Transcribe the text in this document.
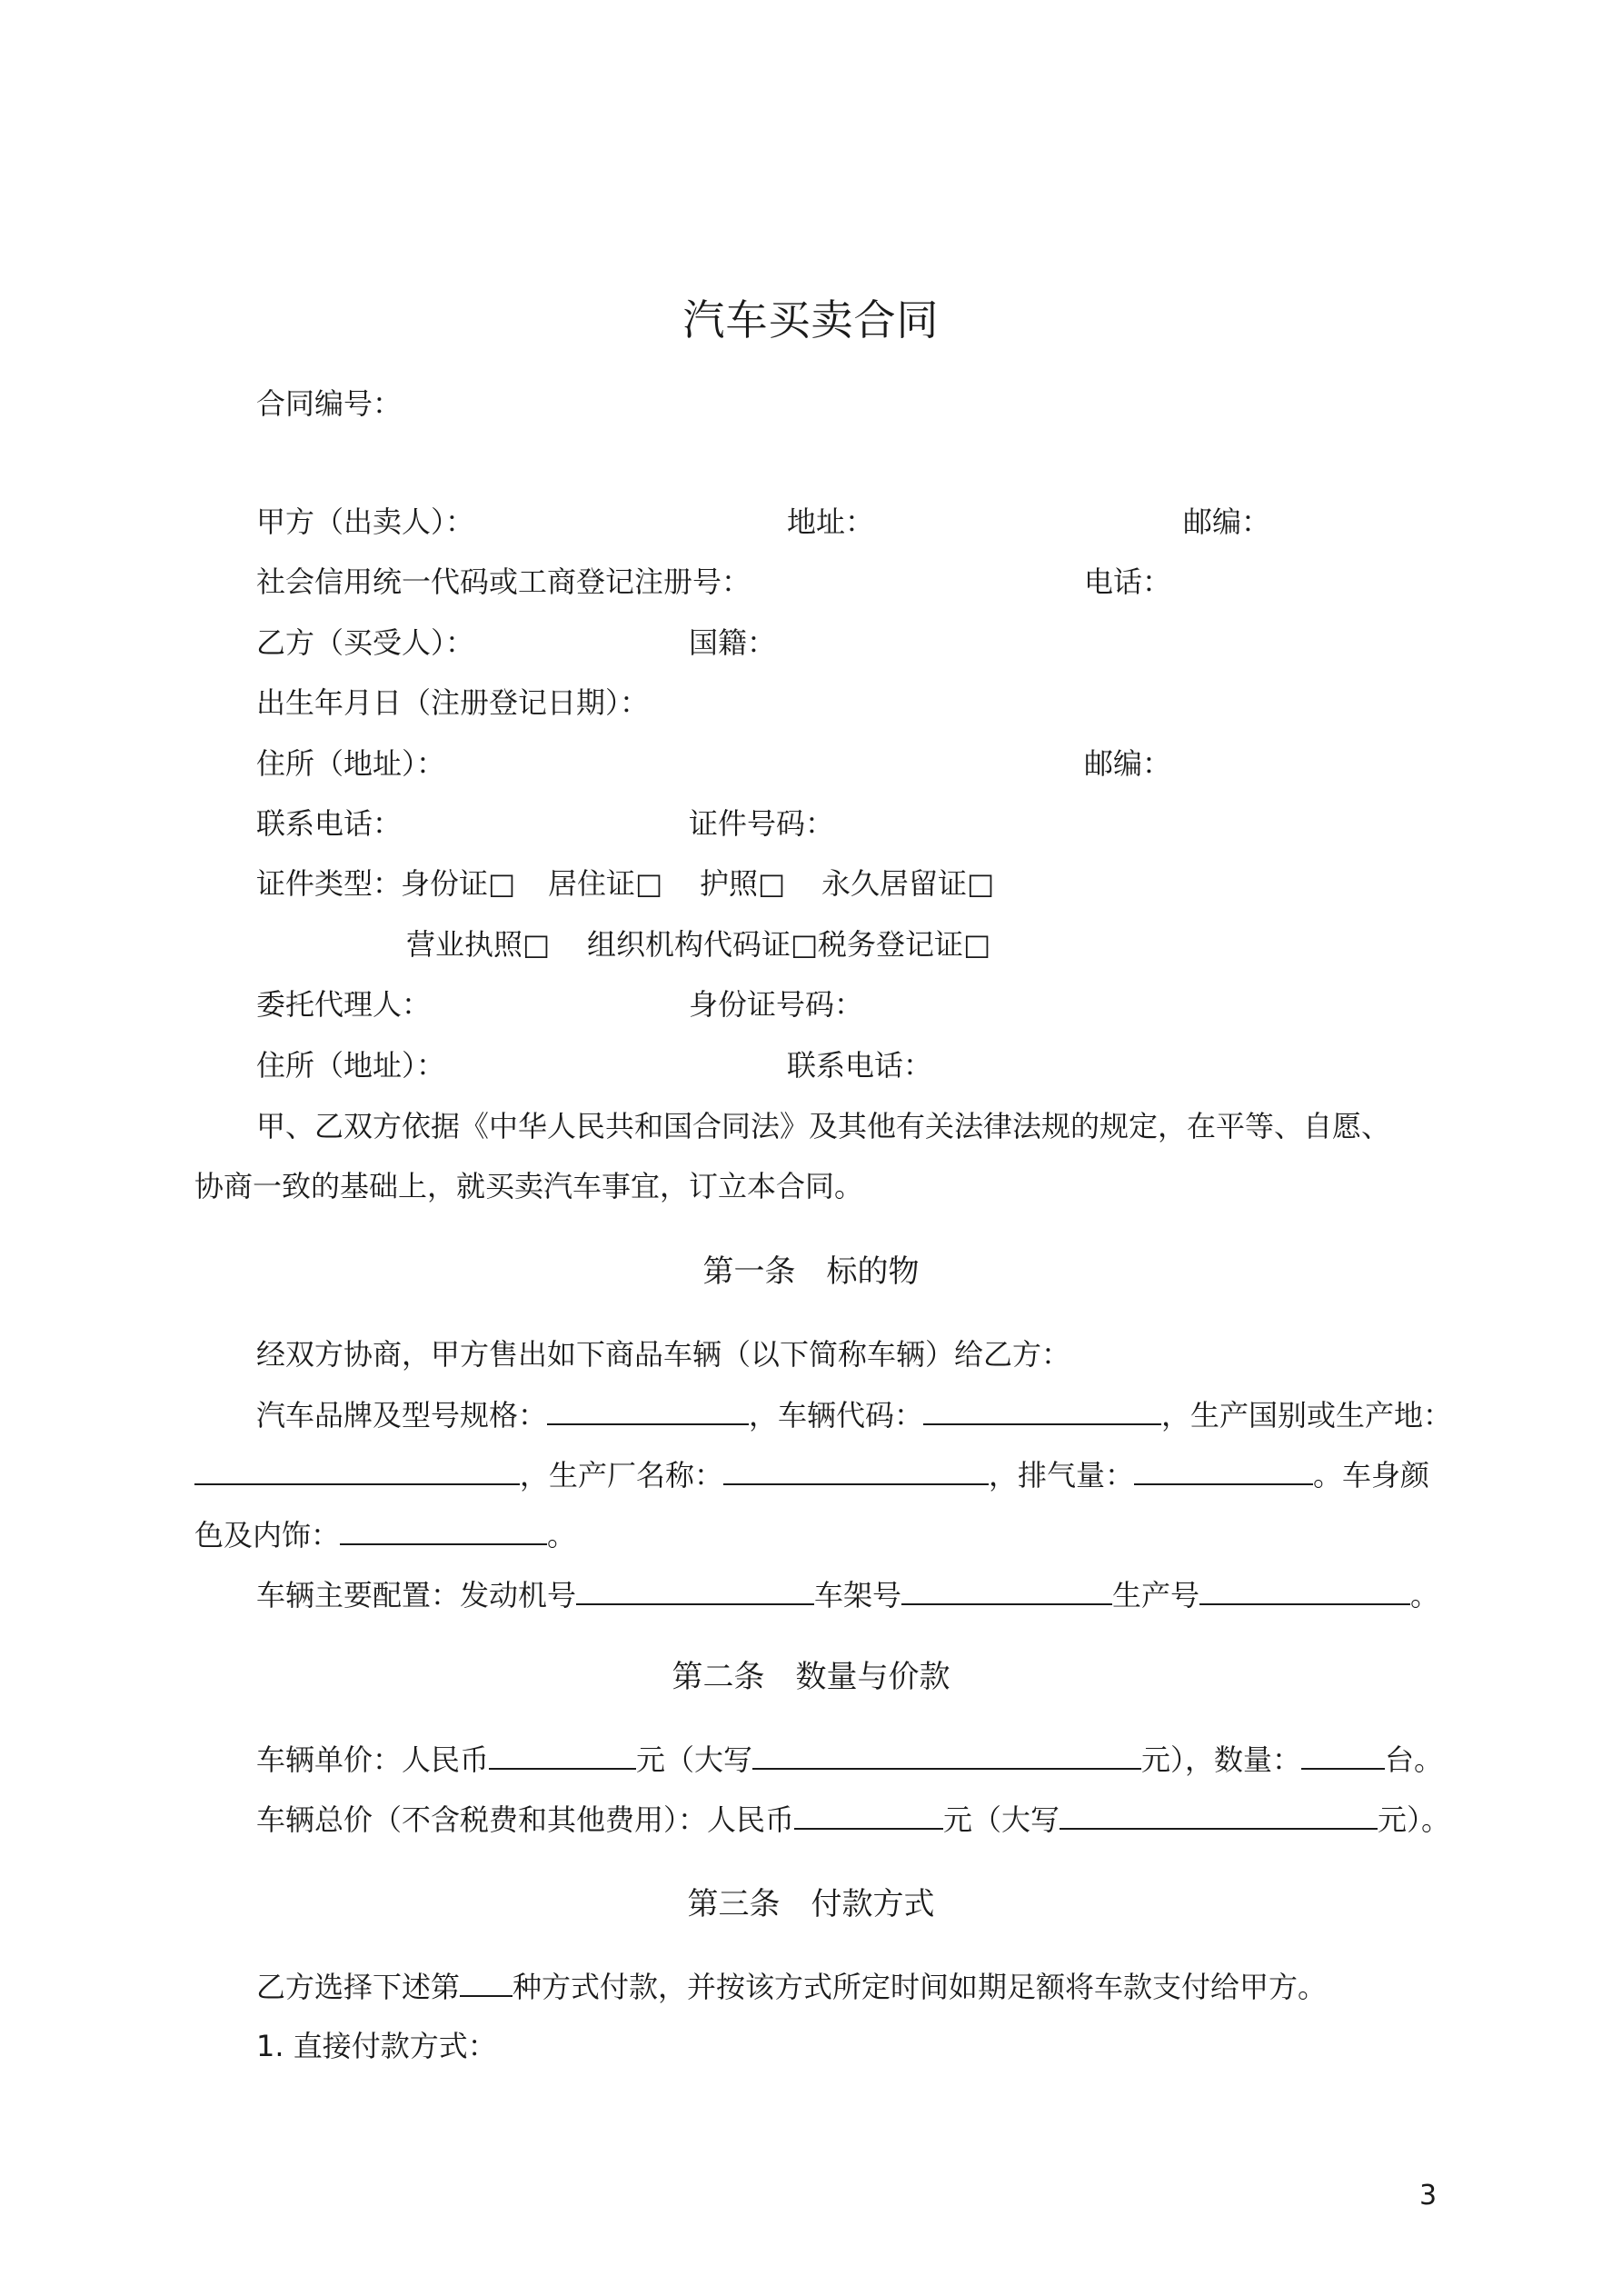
汽车买卖合同
合同编号：
甲方（出卖人）：	地址：	邮编：
社会信用统一代码或工商登记注册号：	电话：
乙方（买受人）：	国籍：
出生年月日（注册登记日期）：
住所（地址）：	邮编：
联系电话：	证件号码：
证件类型：
身份证□ 居住证□ 护照□ 永久居留证□
营业执照□ 组织机构代码证□ 税务登记证□
委托代理人：	身份证号码：
住所（地址）：	联系电话：
甲、乙双方依据《中华人民共和国合同法》及其他有关法律法规的规定，在平等、自愿、
协商一致的基础上，就买卖汽车事宜，订立本合同。
第一条　标的物
经双方协商，甲方售出如下商品车辆（以下简称车辆）给乙方：
汽车品牌及型号规格：	，车辆代码：	，生产国别或生产地：
，生产厂名称：	，排气量：	。车身颜
色及内饰：	。
车辆主要配置：发动机号	车架号	生产号	。
第二条　数量与价款
车辆单价：人民币	元（大写	元），数量：	台。
车辆总价（不含税费和其他费用）：人民币	元（大写	元）。
第三条　付款方式
乙方选择下述第 种方式付款，并按该方式所定时间如期足额将车款支付给甲方。
1. 直接付款方式：
3
